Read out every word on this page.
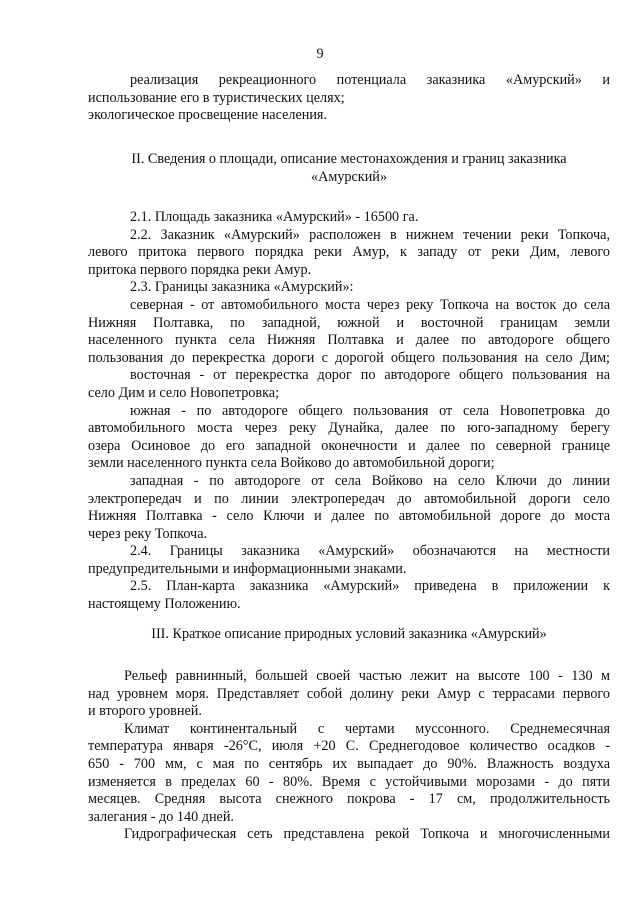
9

реализация рекреационного потенциала заказника «Амурский» и

использование его в туристических целях;

экологическое просвещение населения.

II. Сведения о площади, описание местонахождения и границ заказника

«Амурский»

2.1. Площадь заказника «Амурский» - 16500 га.

2.2. Заказник «Амурский» расположен в нижнем течении реки Топкоча,

левого притока первого порядка реки Амур, к западу от реки Дим, левого

притока первого порядка реки Амур.

2.3. Границы заказника «Амурский»:

северная - от автомобильного моста через реку Топкоча на восток до села

Нижняя Полтавка, по западной, южной и восточной границам земли

населенного пункта села Нижняя Полтавка и далее по автодороге общего

пользования до перекрестка дороги с дорогой общего пользования на село Дим;

восточная - от перекрестка дорог по автодороге общего пользования на

село Дим и село Новопетровка;

южная - по автодороге общего пользования от села Новопетровка до

автомобильного моста через реку Дунайка, далее по юго-западному берегу

озера Осиновое до его западной оконечности и далее по северной границе

земли населенного пункта села Войково до автомобильной дороги;

западная - по автодороге от села Войково на село Ключи до линии

электропередач и по линии электропередач до автомобильной дороги село

Нижняя Полтавка - село Ключи и далее по автомобильной дороге до моста

через реку Топкоча.

2.4. Границы заказника «Амурский» обозначаются на местности

предупредительными и информационными знаками.

2.5. План-карта заказника «Амурский» приведена в приложении к

настоящему Положению.

III. Краткое описание природных условий заказника «Амурский»

Рельеф равнинный, большей своей частью лежит на высоте 100 - 130 м

над уровнем моря. Представляет собой долину реки Амур с террасами первого

и второго уровней.

Климат континентальный с чертами муссонного. Среднемесячная

температура января -26°С, июля +20 С. Среднегодовое количество осадков -

650 - 700 мм, с мая по сентябрь их выпадает до 90%. Влажность воздуха

изменяется в пределах 60 - 80%. Время с устойчивыми морозами - до пяти

месяцев. Средняя высота снежного покрова - 17 см, продолжительность

залегания - до 140 дней.

Гидрографическая сеть представлена рекой Топкоча и многочисленными
